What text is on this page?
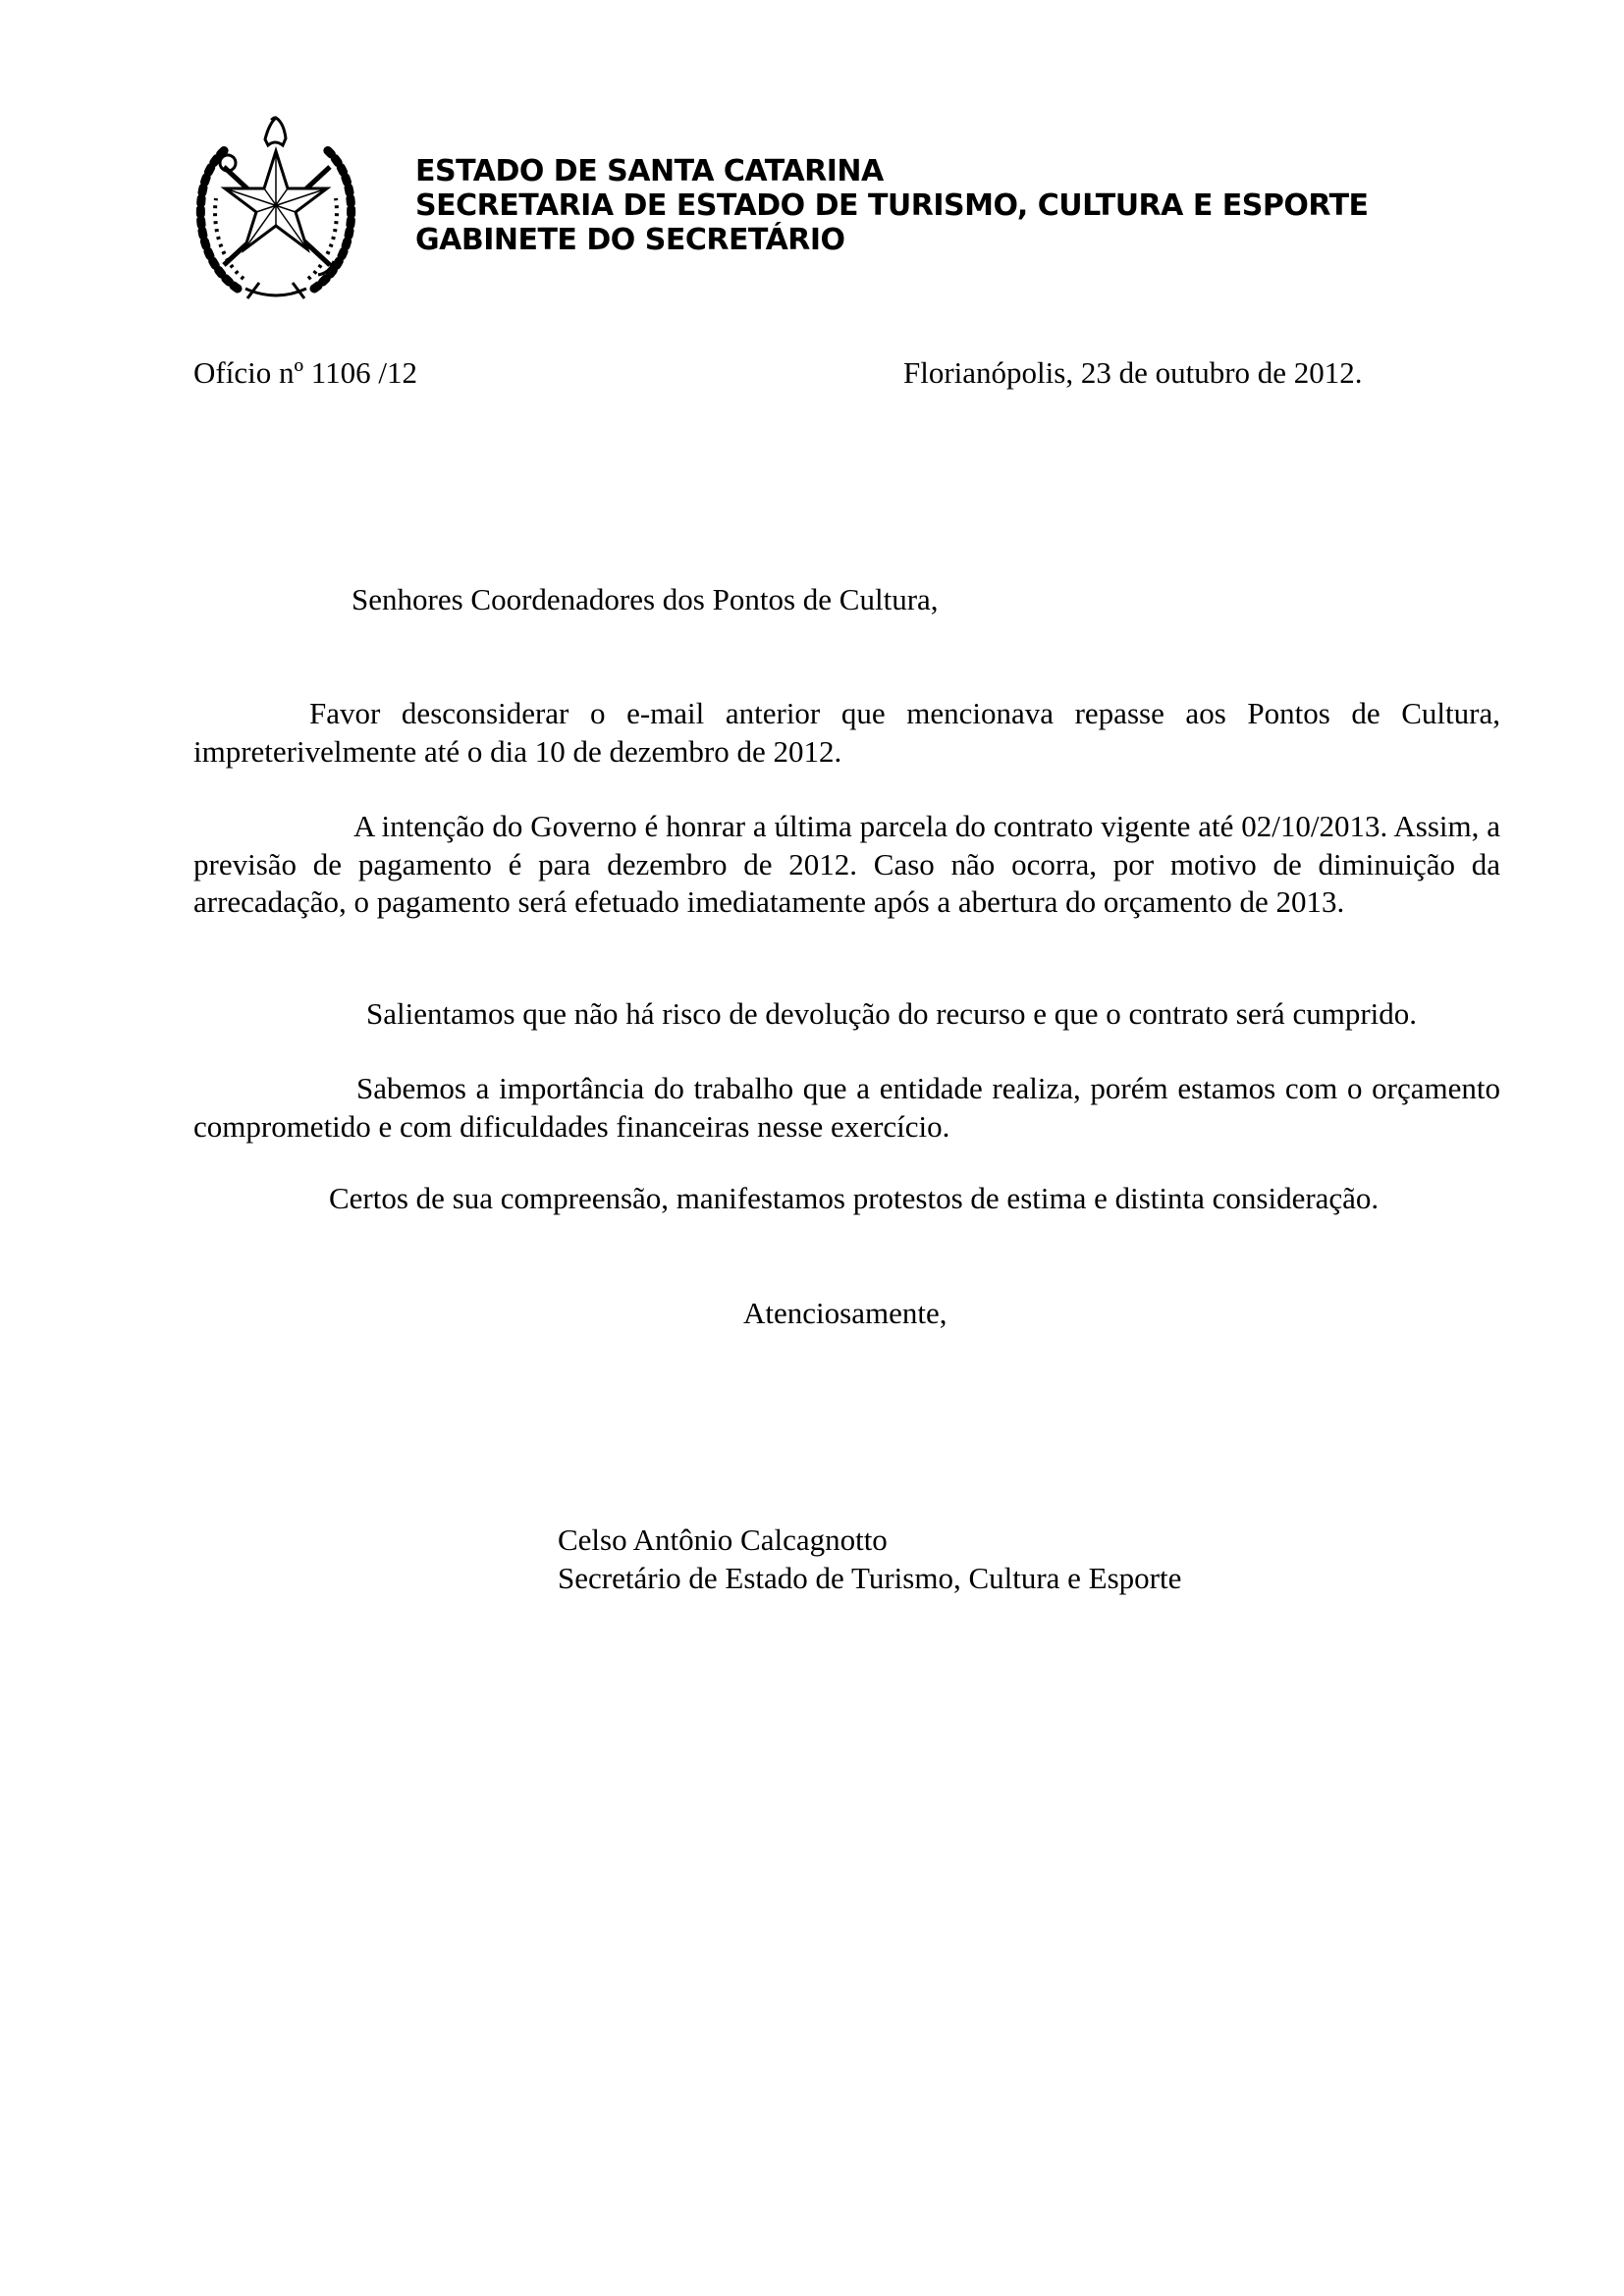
ESTADO DE SANTA CATARINA
SECRETARIA DE ESTADO DE TURISMO, CULTURA E ESPORTE
GABINETE DO SECRETÁRIO
Ofício nº 1106 /12	Florianópolis, 23 de outubro de 2012.
Senhores Coordenadores dos Pontos de Cultura,
Favor desconsiderar o e-mail anterior que mencionava repasse aos Pontos de Cultura, impreterivelmente até o dia 10 de dezembro de 2012.
A intenção do Governo é honrar a última parcela do contrato vigente até 02/10/2013. Assim, a previsão de pagamento é para dezembro de 2012. Caso não ocorra, por motivo de diminuição da arrecadação, o pagamento será efetuado imediatamente após a abertura do orçamento de 2013.
Salientamos que não há risco de devolução do recurso e que o contrato será cumprido.
Sabemos a importância do trabalho que a entidade realiza, porém estamos com o orçamento comprometido e com dificuldades financeiras nesse exercício.
Certos de sua compreensão, manifestamos protestos de estima e distinta consideração.
Atenciosamente,
Celso Antônio Calcagnotto
Secretário de Estado de Turismo, Cultura e Esporte
